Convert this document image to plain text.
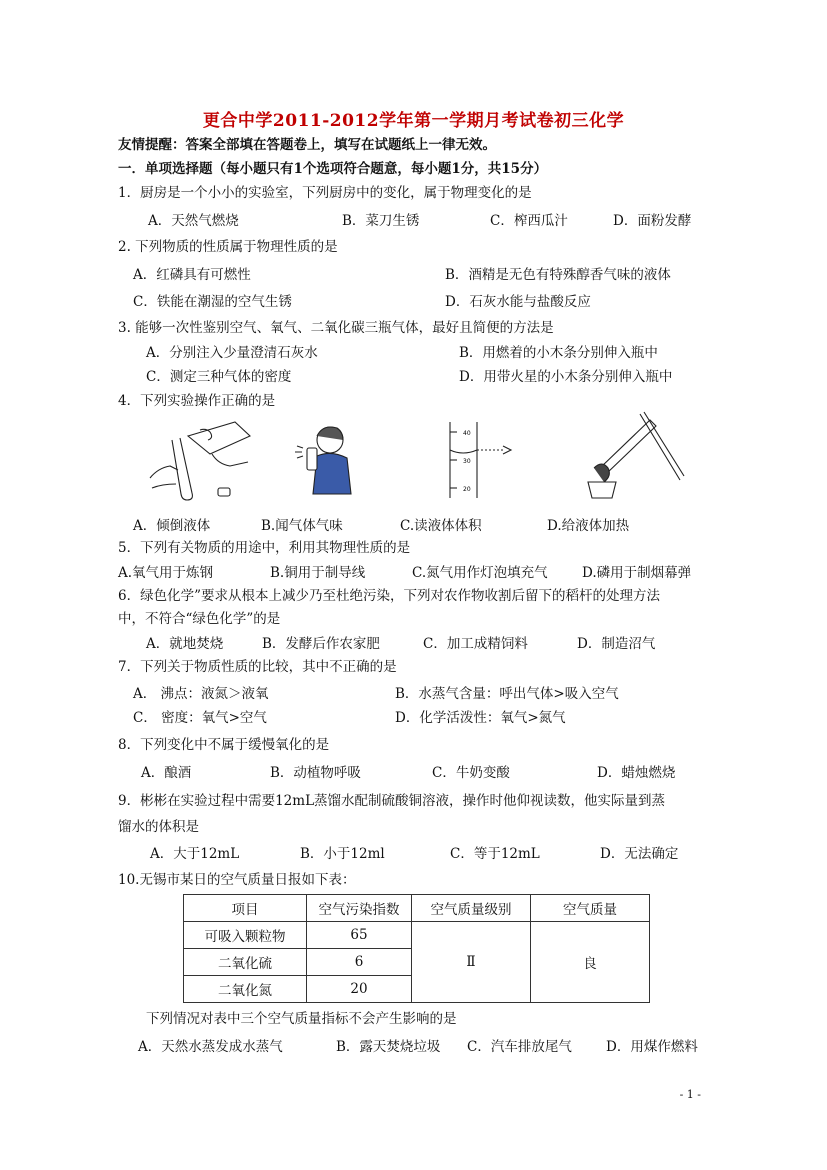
更合中学2011-2012学年第一学期月考试卷初三化学
友情提醒：答案全部填在答题卷上，填写在试题纸上一律无效。
一．单项选择题（每小题只有1个选项符合题意，每小题1分，共15分）
1．厨房是一个小小的实验室，下列厨房中的变化，属于物理变化的是
A．天然气燃烧	B．菜刀生锈	C．榨西瓜汁	D．面粉发酵
2. 下列物质的性质属于物理性质的是
A．红磷具有可燃性	B．酒精是无色有特殊醇香气味的液体
C．铁能在潮湿的空气生锈	D．石灰水能与盐酸反应
3. 能够一次性鉴别空气、氧气、二氧化碳三瓶气体，最好且简便的方法是
A．分别注入少量澄清石灰水	B．用燃着的小木条分别伸入瓶中
C．测定三种气体的密度	D．用带火星的小木条分别伸入瓶中
4．下列实验操作正确的是
40
30
20
A．倾倒液体	B.闻气体气味	C.读液体体积	D.给液体加热
5．下列有关物质的用途中，利用其物理性质的是
A.氧气用于炼钢	B.铜用于制导线	C.氮气用作灯泡填充气	D.磷用于制烟幕弹
6．绿色化学”要求从根本上减少乃至杜绝污染，下列对农作物收割后留下的稻杆的处理方法
中，不符合“绿色化学”的是
A．就地焚烧	B．发酵后作农家肥	C．加工成精饲料	D．制造沼气
7．下列关于物质性质的比较，其中不正确的是
A． 沸点：液氮＞液氧	B．水蒸气含量：呼出气体>吸入空气
C． 密度：氧气>空气	D．化学活泼性：氧气>氮气
8．下列变化中不属于缓慢氧化的是
A．酿酒	B．动植物呼吸	C．牛奶变酸	D．蜡烛燃烧
9．彬彬在实验过程中需要12mL蒸馏水配制硫酸铜溶液，操作时他仰视读数，他实际量到蒸
馏水的体积是
A．大于12mL	B．小于12ml	C．等于12mL	D．无法确定
10.无锡市某日的空气质量日报如下表：
项目	空气污染指数	空气质量级别	空气质量
可吸入颗粒物	65	Ⅱ	良
二氧化硫	6		
二氧化氮	20		
下列情况对表中三个空气质量指标不会产生影响的是
A．天然水蒸发成水蒸气	B．露天焚烧垃圾 C．汽车排放尾气	D．用煤作燃料
- 1 -
